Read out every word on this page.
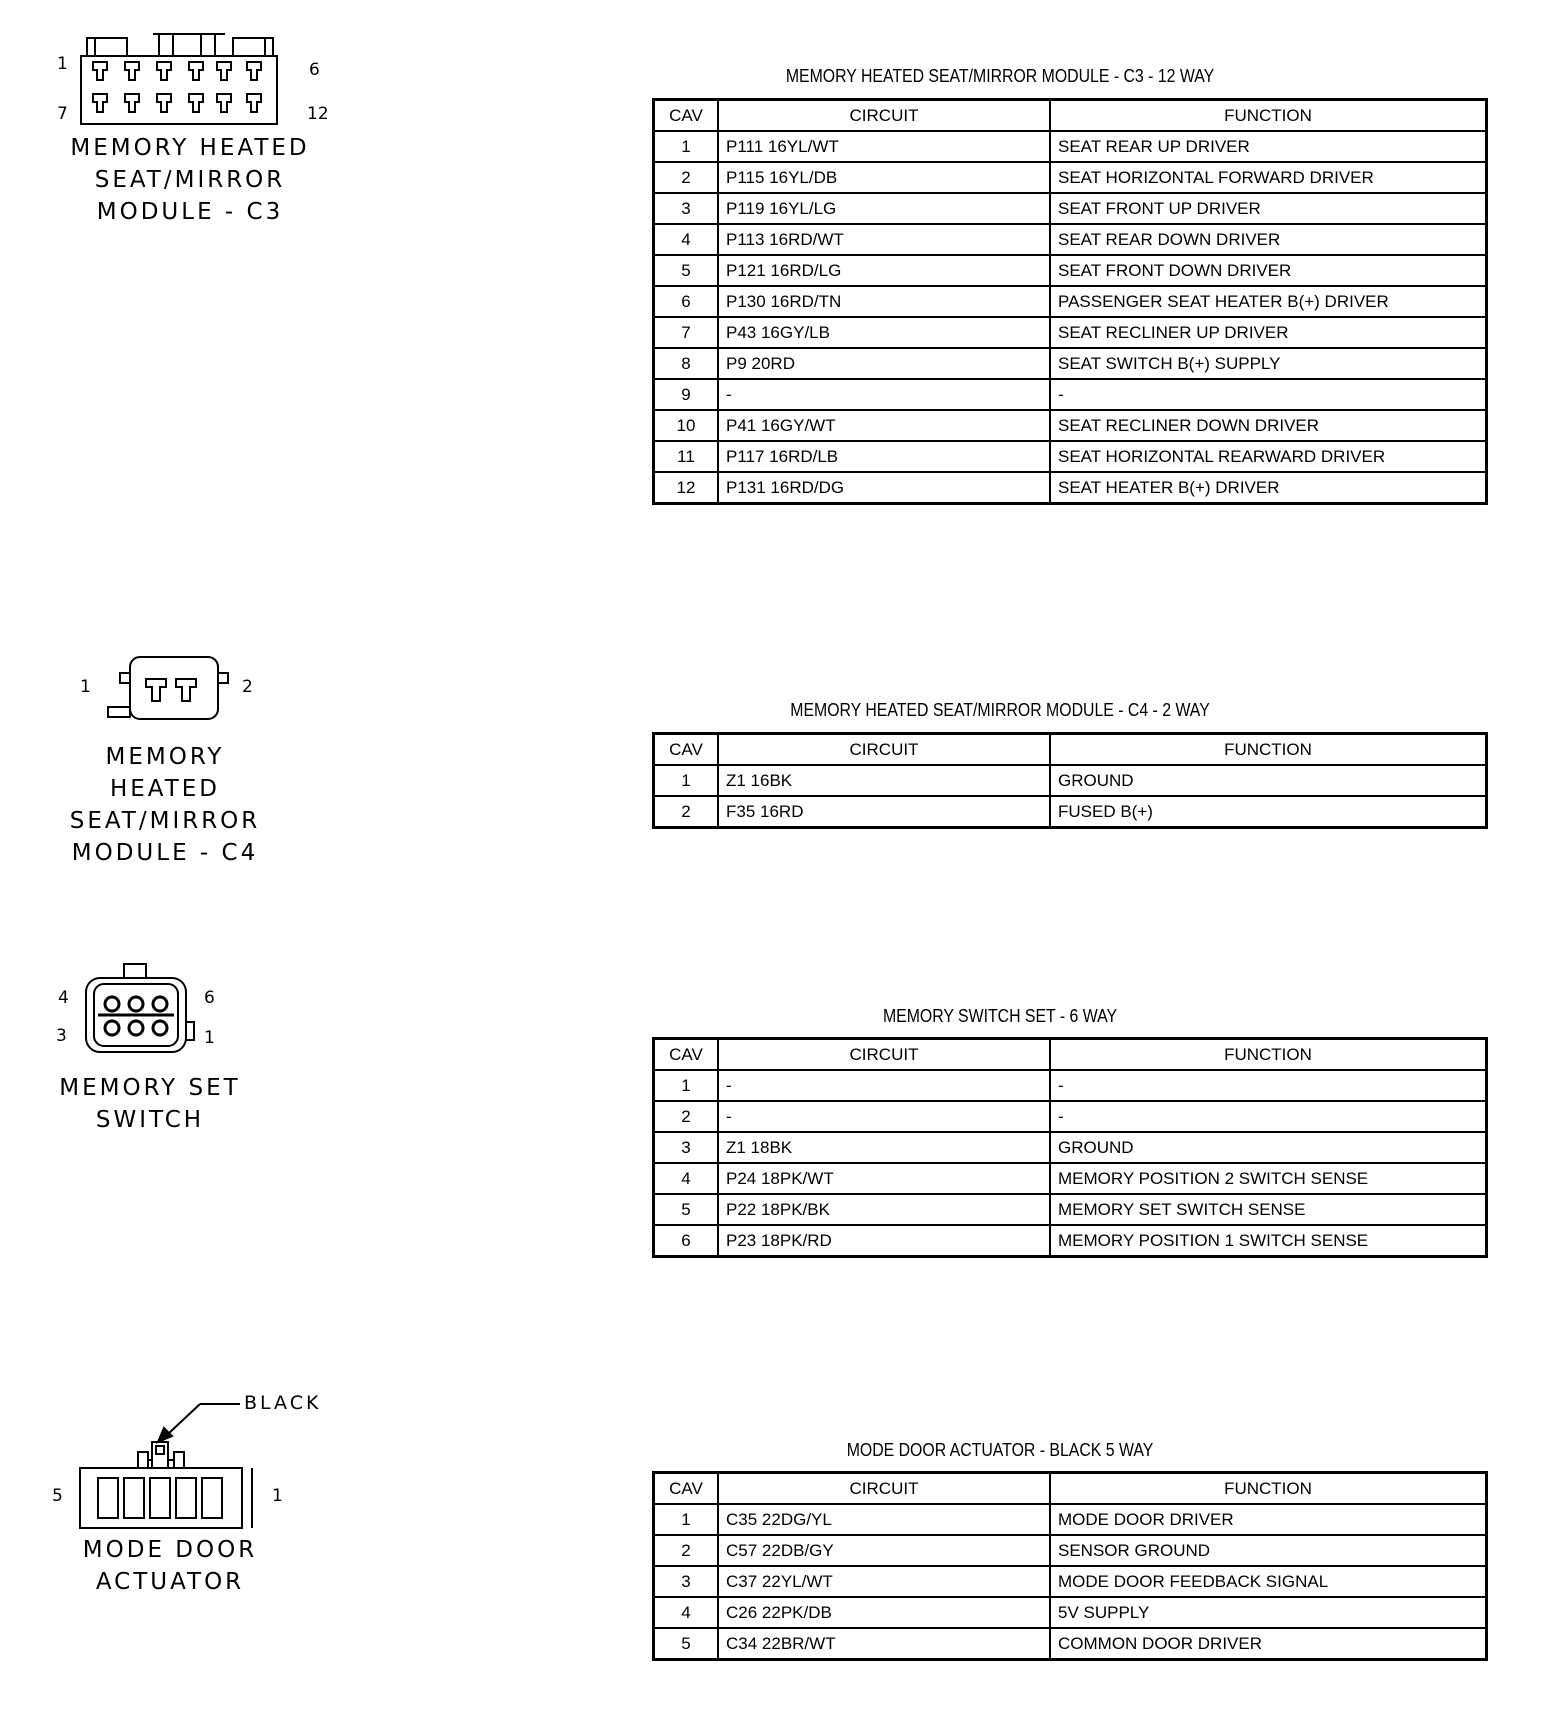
1	6
7	12
MEMORY HEATED
SEAT/MIRROR
MODULE - C3
MEMORY HEATED SEAT/MIRROR MODULE - C3 - 12 WAY
CAV	CIRCUIT	FUNCTION
1	P111 16YL/WT	SEAT REAR UP DRIVER
2	P115 16YL/DB	SEAT HORIZONTAL FORWARD DRIVER
3	P119 16YL/LG	SEAT FRONT UP DRIVER
4	P113 16RD/WT	SEAT REAR DOWN DRIVER
5	P121 16RD/LG	SEAT FRONT DOWN DRIVER
6	P130 16RD/TN	PASSENGER SEAT HEATER B(+) DRIVER
7	P43 16GY/LB	SEAT RECLINER UP DRIVER
8	P9 20RD	SEAT SWITCH B(+) SUPPLY
9	-	-
10	P41 16GY/WT	SEAT RECLINER DOWN DRIVER
11	P117 16RD/LB	SEAT HORIZONTAL REARWARD DRIVER
12	P131 16RD/DG	SEAT HEATER B(+) DRIVER
1	2
MEMORY HEATED
SEAT/MIRROR
MODULE - C4
MEMORY HEATED SEAT/MIRROR MODULE - C4 - 2 WAY
CAV	CIRCUIT	FUNCTION
1	Z1 16BK	GROUND
2	F35 16RD	FUSED B(+)
4	6
3	1
MEMORY SET
SWITCH
MEMORY SWITCH SET - 6 WAY
CAV	CIRCUIT	FUNCTION
1	-	-
2	-	-
3	Z1 18BK	GROUND
4	P24 18PK/WT	MEMORY POSITION 2 SWITCH SENSE
5	P22 18PK/BK	MEMORY SET SWITCH SENSE
6	P23 18PK/RD	MEMORY POSITION 1 SWITCH SENSE
BLACK
5	1
MODE DOOR
ACTUATOR
MODE DOOR ACTUATOR - BLACK 5 WAY
CAV	CIRCUIT	FUNCTION
1	C35 22DG/YL	MODE DOOR DRIVER
2	C57 22DB/GY	SENSOR GROUND
3	C37 22YL/WT	MODE DOOR FEEDBACK SIGNAL
4	C26 22PK/DB	5V SUPPLY
5	C34 22BR/WT	COMMON DOOR DRIVER
